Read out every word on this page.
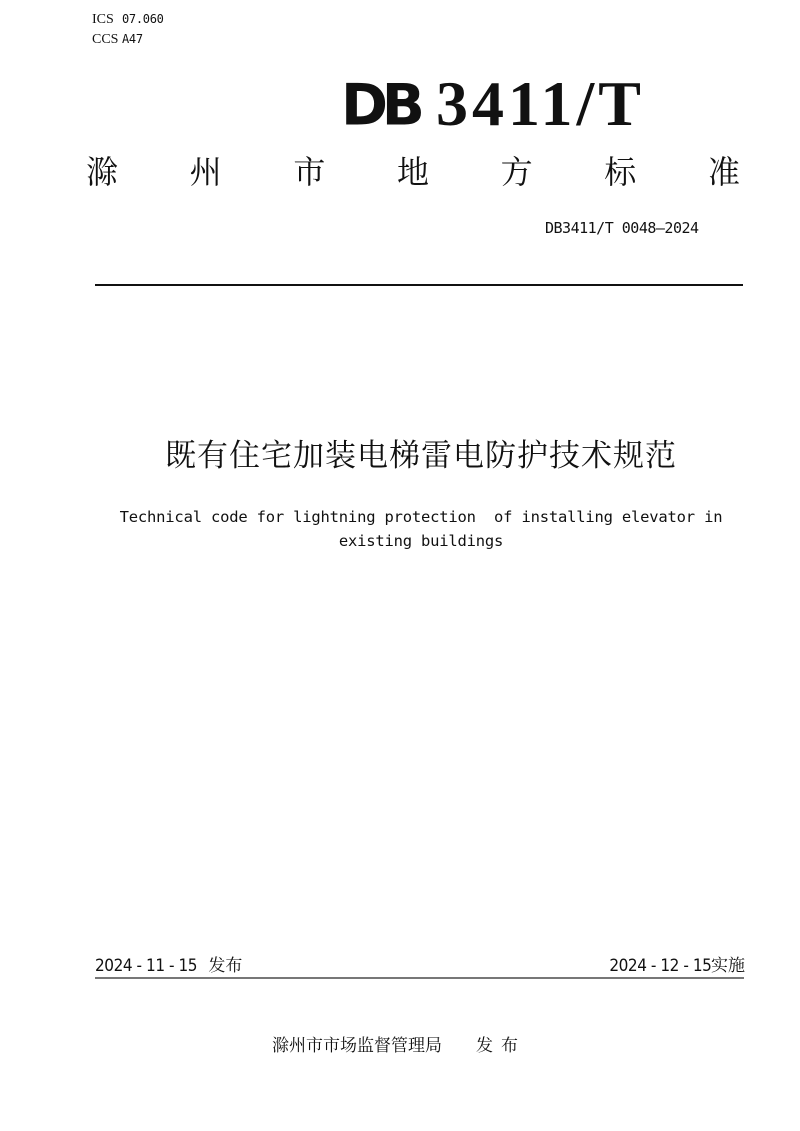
ICS 07.060
CCS A47
DB 3411/T
滁 州 市 地 方 标 准
DB3411/T 0048—2024
既有住宅加装电梯雷电防护技术规范
Technical code for lightning protection  of installing elevator in
existing buildings
2024 - 11 - 15 发布	2024 - 12 - 15实施
滁州市市场监督管理局 发布
